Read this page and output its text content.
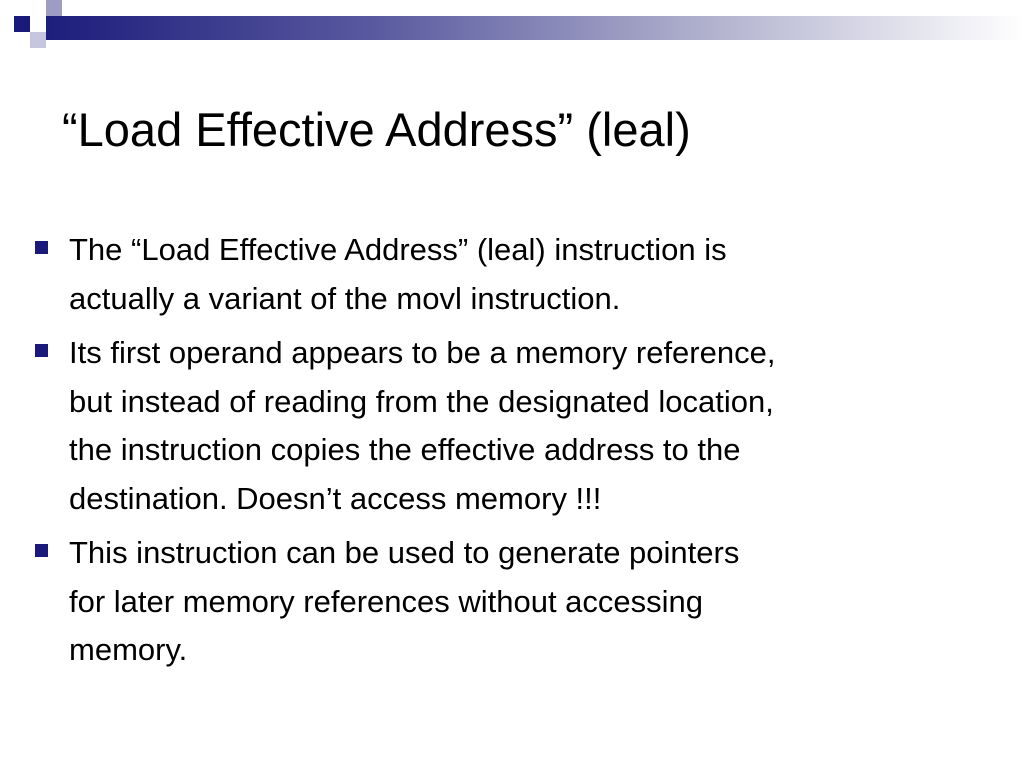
“Load Effective Address” (leal)
The “Load Effective Address” (leal) instruction is
actually a variant of the movl instruction.
Its first operand appears to be a memory reference,
but instead of reading from the designated location,
the instruction copies the effective address to the
destination. Doesn’t access memory !!!
This instruction can be used to generate pointers
for later memory references without accessing
memory.
